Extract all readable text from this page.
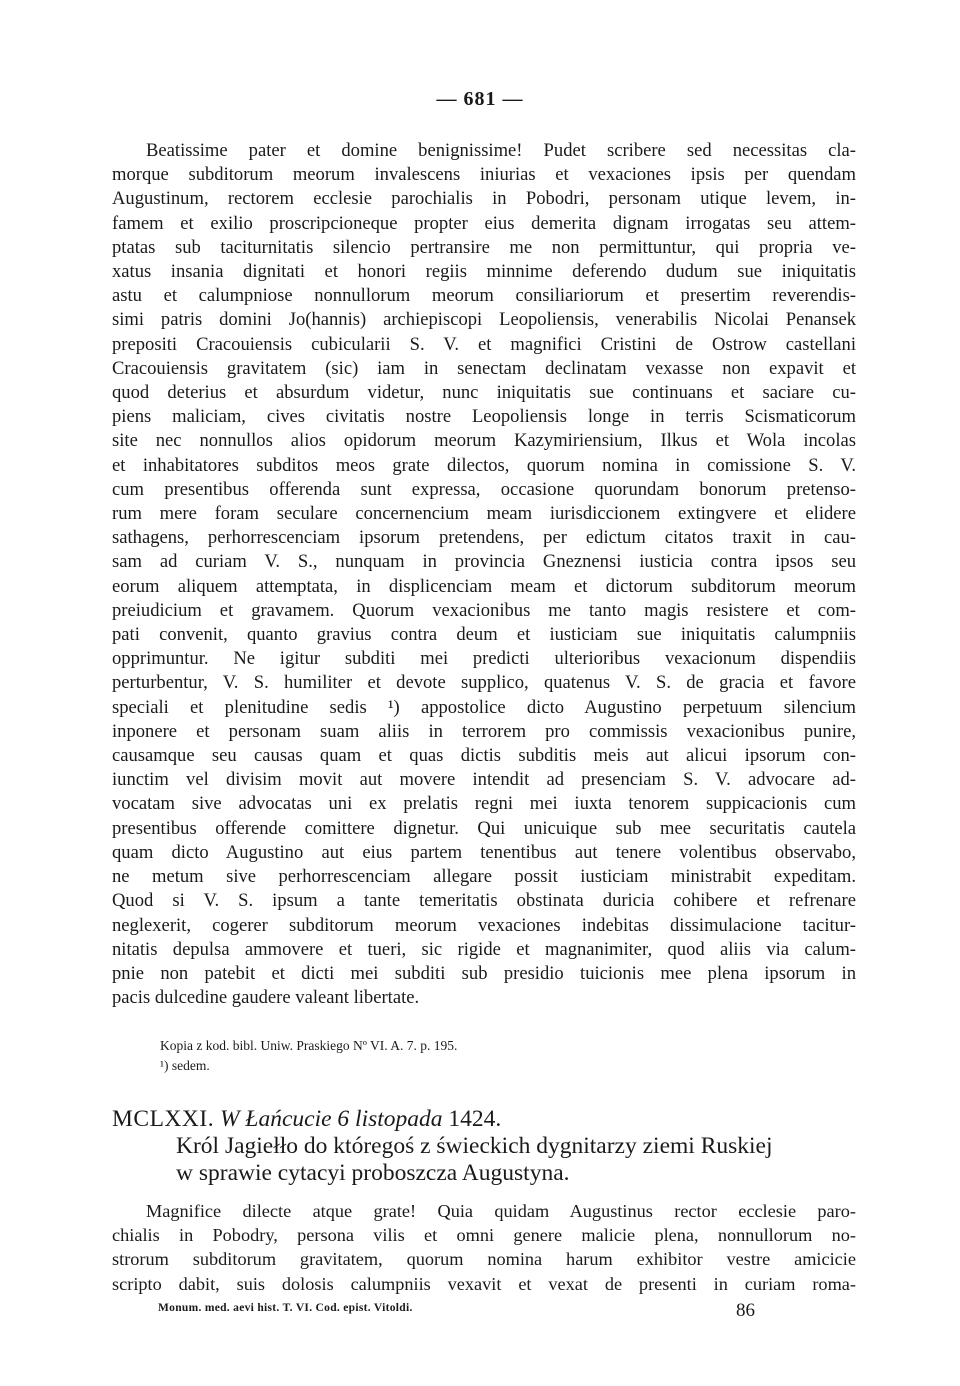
— 681 —
Beatissime pater et domine benignissime! Pudet scribere sed necessitas cla-
morque subditorum meorum invalescens iniurias et vexaciones ipsis per quendam
Augustinum, rectorem ecclesie parochialis in Pobodri, personam utique levem, in-
famem et exilio proscripcioneque propter eius demerita dignam irrogatas seu attem-
ptatas sub taciturnitatis silencio pertransire me non permittuntur, qui propria ve-
xatus insania dignitati et honori regiis minnime deferendo dudum sue iniquitatis
astu et calumpniose nonnullorum meorum consiliariorum et presertim reverendis-
simi patris domini Jo(hannis) archiepiscopi Leopoliensis, venerabilis Nicolai Penansek
prepositi Cracouiensis cubicularii S. V. et magnifici Cristini de Ostrow castellani
Cracouiensis gravitatem (sic) iam in senectam declinatam vexasse non expavit et
quod deterius et absurdum videtur, nunc iniquitatis sue continuans et saciare cu-
piens maliciam, cives civitatis nostre Leopoliensis longe in terris Scismaticorum
site nec nonnullos alios opidorum meorum Kazymiriensium, Ilkus et Wola incolas
et inhabitatores subditos meos grate dilectos, quorum nomina in comissione S. V.
cum presentibus offerenda sunt expressa, occasione quorundam bonorum pretenso-
rum mere foram seculare concernencium meam iurisdiccionem extingvere et elidere
sathagens, perhorrescenciam ipsorum pretendens, per edictum citatos traxit in cau-
sam ad curiam V. S., nunquam in provincia Gneznensi iusticia contra ipsos seu
eorum aliquem attemptata, in displicenciam meam et dictorum subditorum meorum
preiudicium et gravamem. Quorum vexacionibus me tanto magis resistere et com-
pati convenit, quanto gravius contra deum et iusticiam sue iniquitatis calumpniis
opprimuntur. Ne igitur subditi mei predicti ulterioribus vexacionum dispendiis
perturbentur, V. S. humiliter et devote supplico, quatenus V. S. de gracia et favore
speciali et plenitudine sedis ¹) appostolice dicto Augustino perpetuum silencium
inponere et personam suam aliis in terrorem pro commissis vexacionibus punire,
causamque seu causas quam et quas dictis subditis meis aut alicui ipsorum con-
iunctim vel divisim movit aut movere intendit ad presenciam S. V. advocare ad-
vocatam sive advocatas uni ex prelatis regni mei iuxta tenorem suppicacionis cum
presentibus offerende comittere dignetur. Qui unicuique sub mee securitatis cautela
quam dicto Augustino aut eius partem tenentibus aut tenere volentibus observabo,
ne metum sive perhorrescenciam allegare possit iusticiam ministrabit expeditam.
Quod si V. S. ipsum a tante temeritatis obstinata duricia cohibere et refrenare
neglexerit, cogerer subditorum meorum vexaciones indebitas dissimulacione tacitur-
nitatis depulsa ammovere et tueri, sic rigide et magnanimiter, quod aliis via calum-
pnie non patebit et dicti mei subditi sub presidio tuicionis mee plena ipsorum in
pacis dulcedine gaudere valeant libertate.
Kopia z kod. bibl. Uniw. Praskiego Nº VI. A. 7. p. 195.
¹) sedem.
MCLXXI. W Łańcucie 6 listopada 1424.
Król Jagiełło do któregoś z świeckich dygnitarzy ziemi Ruskiej
w sprawie cytacyi proboszcza Augustyna.
Magnifice dilecte atque grate! Quia quidam Augustinus rector ecclesie paro-
chialis in Pobodry, persona vilis et omni genere malicie plena, nonnullorum no-
strorum subditorum gravitatem, quorum nomina harum exhibitor vestre amicicie
scripto dabit, suis dolosis calumpniis vexavit et vexat de presenti in curiam roma-
Monum. med. aevi hist. T. VI. Cod. epist. Vitoldi.	86
